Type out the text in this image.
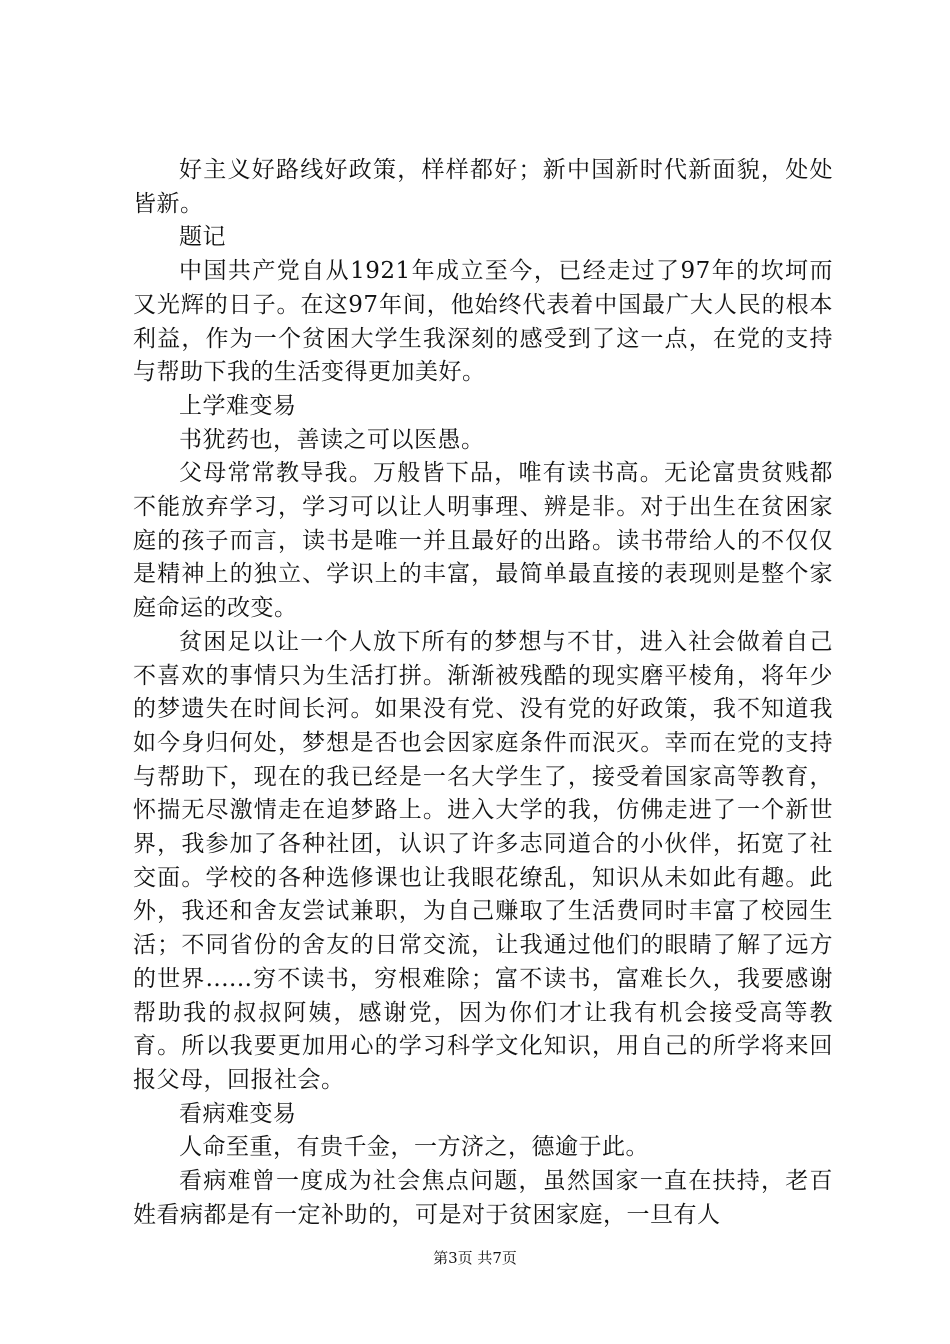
好主义好路线好政策，样样都好；新中国新时代新面貌，处处皆新。

题记

中国共产党自从1921年成立至今，已经走过了97年的坎坷而又光辉的日子。在这97年间，他始终代表着中国最广大人民的根本利益，作为一个贫困大学生我深刻的感受到了这一点，在党的支持与帮助下我的生活变得更加美好。

上学难变易

书犹药也，善读之可以医愚。

父母常常教导我。万般皆下品，唯有读书高。无论富贵贫贱都不能放弃学习，学习可以让人明事理、辨是非。对于出生在贫困家庭的孩子而言，读书是唯一并且最好的出路。读书带给人的不仅仅是精神上的独立、学识上的丰富，最简单最直接的表现则是整个家庭命运的改变。

贫困足以让一个人放下所有的梦想与不甘，进入社会做着自己不喜欢的事情只为生活打拼。渐渐被残酷的现实磨平棱角，将年少的梦遗失在时间长河。如果没有党、没有党的好政策，我不知道我如今身归何处，梦想是否也会因家庭条件而泯灭。幸而在党的支持与帮助下，现在的我已经是一名大学生了，接受着国家高等教育，怀揣无尽激情走在追梦路上。进入大学的我，仿佛走进了一个新世界，我参加了各种社团，认识了许多志同道合的小伙伴，拓宽了社交面。学校的各种选修课也让我眼花缭乱，知识从未如此有趣。此外，我还和舍友尝试兼职，为自己赚取了生活费同时丰富了校园生活；不同省份的舍友的日常交流，让我通过他们的眼睛了解了远方的世界......穷不读书，穷根难除；富不读书，富难长久，我要感谢帮助我的叔叔阿姨，感谢党，因为你们才让我有机会接受高等教育。所以我要更加用心的学习科学文化知识，用自己的所学将来回报父母，回报社会。

看病难变易

人命至重，有贵千金，一方济之，德逾于此。

看病难曾一度成为社会焦点问题，虽然国家一直在扶持，老百姓看病都是有一定补助的，可是对于贫困家庭，一旦有人

第3页 共7页
